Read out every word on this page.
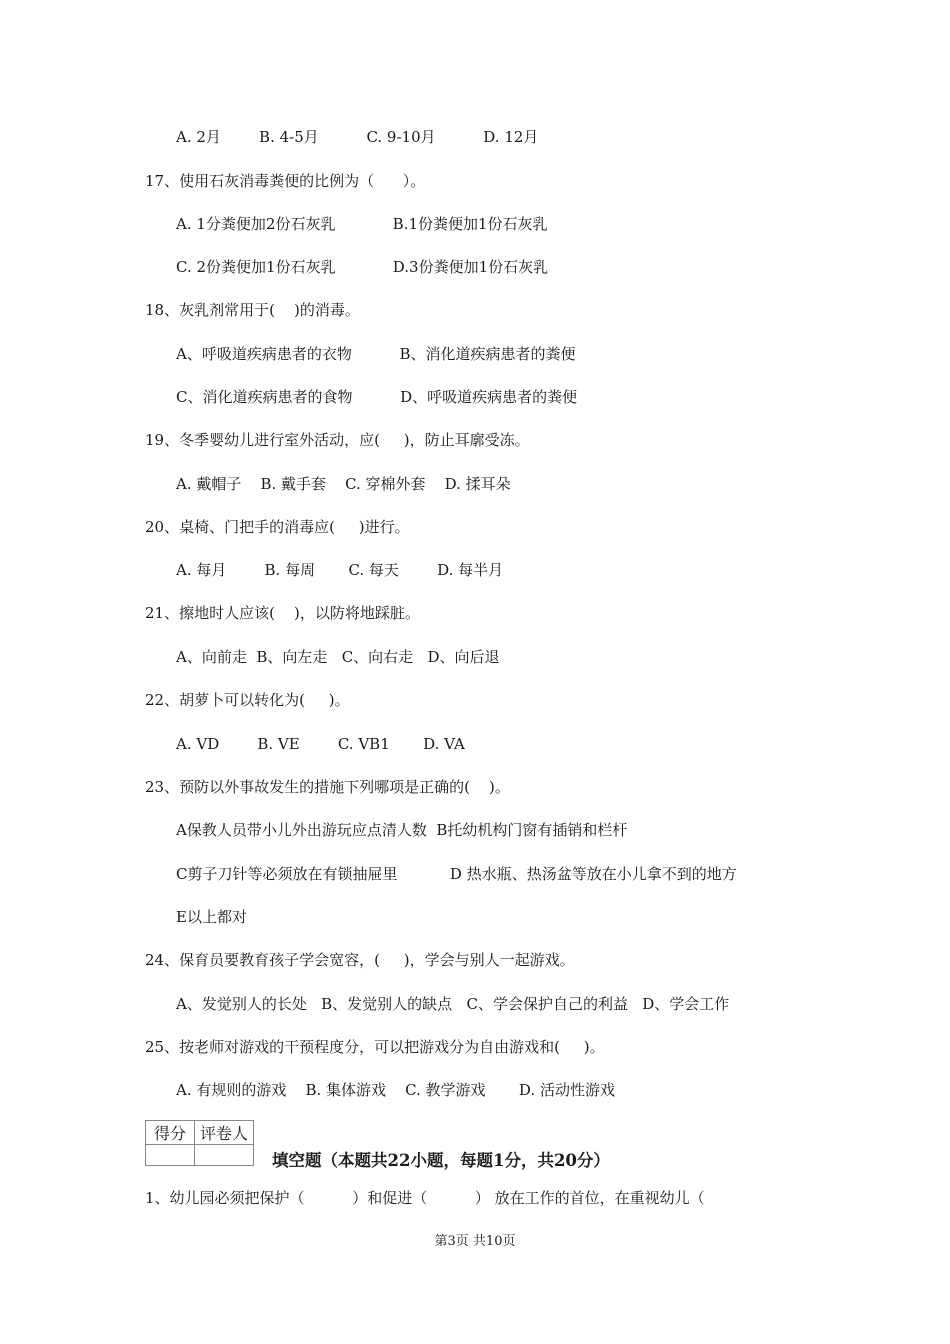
A. 2月        B. 4-5月          C. 9-10月          D. 12月
17、使用石灰消毒粪便的比例为（      ）。
A. 1分粪便加2份石灰乳            B.1份粪便加1份石灰乳
C. 2份粪便加1份石灰乳            D.3份粪便加1份石灰乳
18、灰乳剂常用于(    )的消毒。
A、呼吸道疾病患者的衣物          B、消化道疾病患者的粪便
C、消化道疾病患者的食物          D、呼吸道疾病患者的粪便
19、冬季婴幼儿进行室外活动，应(     )，防止耳廓受冻。
A. 戴帽子    B. 戴手套    C. 穿棉外套    D. 揉耳朵
20、桌椅、门把手的消毒应(     )进行。
A. 每月        B. 每周       C. 每天        D. 每半月
21、擦地时人应该(    )，以防将地踩脏。
A、向前走  B、向左走   C、向右走   D、向后退
22、胡萝卜可以转化为(     )。
A. VD        B. VE        C. VB1       D. VA
23、预防以外事故发生的措施下列哪项是正确的(    )。
A保教人员带小儿外出游玩应点清人数  B托幼机构门窗有插销和栏杆
C剪子刀针等必须放在有锁抽屉里           D 热水瓶、热汤盆等放在小儿拿不到的地方
E以上都对
24、保育员要教育孩子学会宽容，(     )，学会与别人一起游戏。
A、发觉别人的长处   B、发觉别人的缺点   C、学会保护自己的利益   D、学会工作
25、按老师对游戏的干预程度分，可以把游戏分为自由游戏和(     )。
A. 有规则的游戏    B. 集体游戏    C. 教学游戏       D. 活动性游戏
得分	评卷人

填空题（本题共22小题，每题1分，共20分）
1、幼儿园必须把保护（          ）和促进（          ） 放在工作的首位，在重视幼儿（
第3页 共10页
